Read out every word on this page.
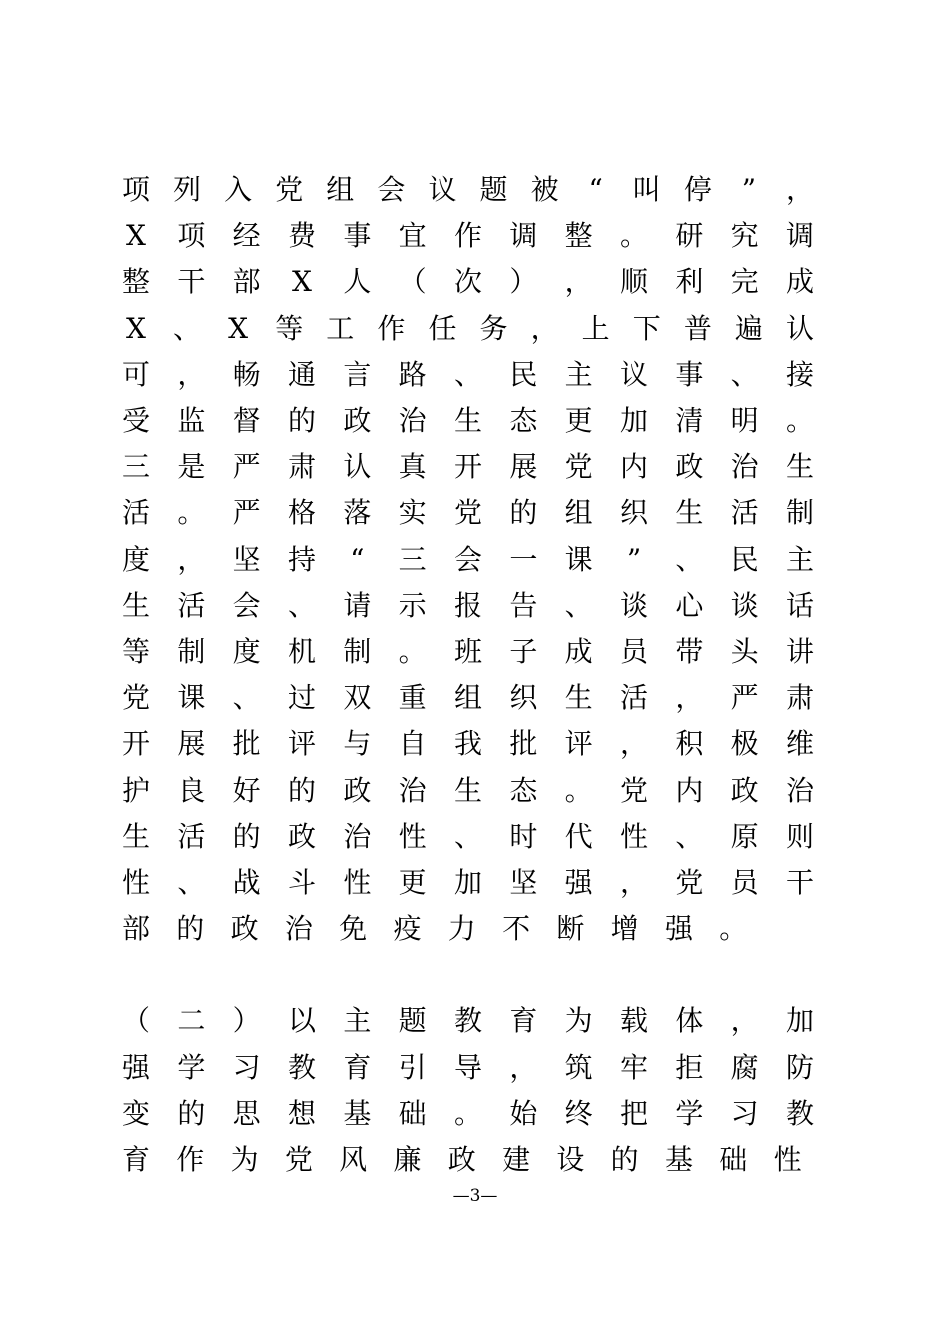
项 列 入 党 组 会 议 题 被	“	叫 停	”	，
X 项 经 费 事 宜 作 调 整 。 研 究 调
整 干 部 X 人 （ 次 ） ， 顺 利 完 成
X 、 X 等 工 作 任 务 ， 上 下 普 遍 认
可 ， 畅 通 言 路 、 民 主 议 事 、 接
受 监 督 的 政 治 生 态 更 加 清 明 。
三 是 严 肃 认 真 开 展 党 内 政 治 生
活 。 严 格 落 实 党 的 组 织 生 活 制
度 ， 坚 持	“	三 会 一 课	”	、 民 主
生 活 会 、 请 示 报 告 、 谈 心 谈 话
等 制 度 机 制 。 班 子 成 员 带 头 讲
党 课 、 过 双 重 组 织 生 活 ， 严 肃
开 展 批 评 与 自 我 批 评 ， 积 极 维
护 良 好 的 政 治 生 态 。 党 内 政 治
生 活 的 政 治 性 、 时 代 性 、 原 则
性 、 战 斗 性 更 加 坚 强 ， 党 员 干
部 的 政 治 免 疫 力 不 断 增 强 。
（ 二 ） 以 主 题 教 育 为 载 体 ， 加
强 学 习 教 育 引 导 ， 筑 牢 拒 腐 防
变 的 思 想 基 础 。 始 终 把 学 习 教
育 作 为 党 风 廉 政 建 设 的 基 础 性
—3—
